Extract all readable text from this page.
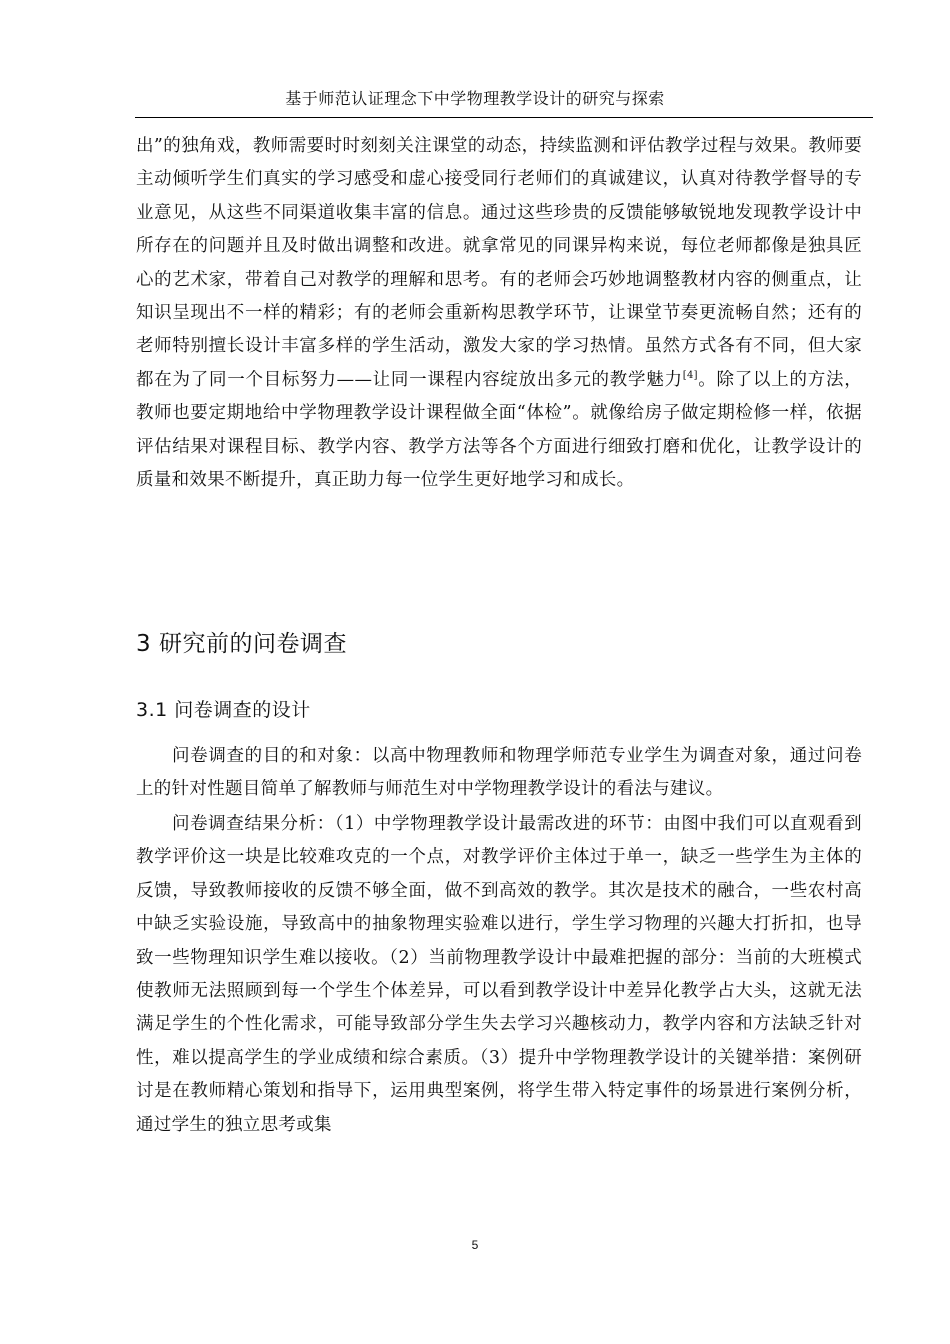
基于师范认证理念下中学物理教学设计的研究与探索

出”的独角戏，教师需要时时刻刻关注课堂的动态，持续监测和评估教学过程与效果。教师要主动倾听学生们真实的学习感受和虚心接受同行老师们的真诚建议，认真对待教学督导的专业意见，从这些不同渠道收集丰富的信息。通过这些珍贵的反馈能够敏锐地发现教学设计中所存在的问题并且及时做出调整和改进。就拿常见的同课异构来说，每位老师都像是独具匠心的艺术家，带着自己对教学的理解和思考。有的老师会巧妙地调整教材内容的侧重点，让知识呈现出不一样的精彩；有的老师会重新构思教学环节，让课堂节奏更流畅自然；还有的老师特别擅长设计丰富多样的学生活动，激发大家的学习热情。虽然方式各有不同，但大家都在为了同一个目标努力——让同一课程内容绽放出多元的教学魅力[4]。除了以上的方法，教师也要定期地给中学物理教学设计课程做全面“体检”。就像给房子做定期检修一样，依据评估结果对课程目标、教学内容、教学方法等各个方面进行细致打磨和优化，让教学设计的质量和效果不断提升，真正助力每一位学生更好地学习和成长。

3 研究前的问卷调查
3.1 问卷调查的设计

问卷调查的目的和对象：以高中物理教师和物理学师范专业学生为调查对象，通过问卷上的针对性题目简单了解教师与师范生对中学物理教学设计的看法与建议。

问卷调查结果分析：（1）中学物理教学设计最需改进的环节：由图中我们可以直观看到教学评价这一块是比较难攻克的一个点，对教学评价主体过于单一，缺乏一些学生为主体的反馈，导致教师接收的反馈不够全面，做不到高效的教学。其次是技术的融合，一些农村高中缺乏实验设施，导致高中的抽象物理实验难以进行，学生学习物理的兴趣大打折扣，也导致一些物理知识学生难以接收。（2）当前物理教学设计中最难把握的部分：当前的大班模式使教师无法照顾到每一个学生个体差异，可以看到教学设计中差异化教学占大头，这就无法满足学生的个性化需求，可能导致部分学生失去学习兴趣核动力，教学内容和方法缺乏针对性，难以提高学生的学业成绩和综合素质。（3）提升中学物理教学设计的关键举措：案例研讨是在教师精心策划和指导下，运用典型案例，将学生带入特定事件的场景进行案例分析，通过学生的独立思考或集

5
